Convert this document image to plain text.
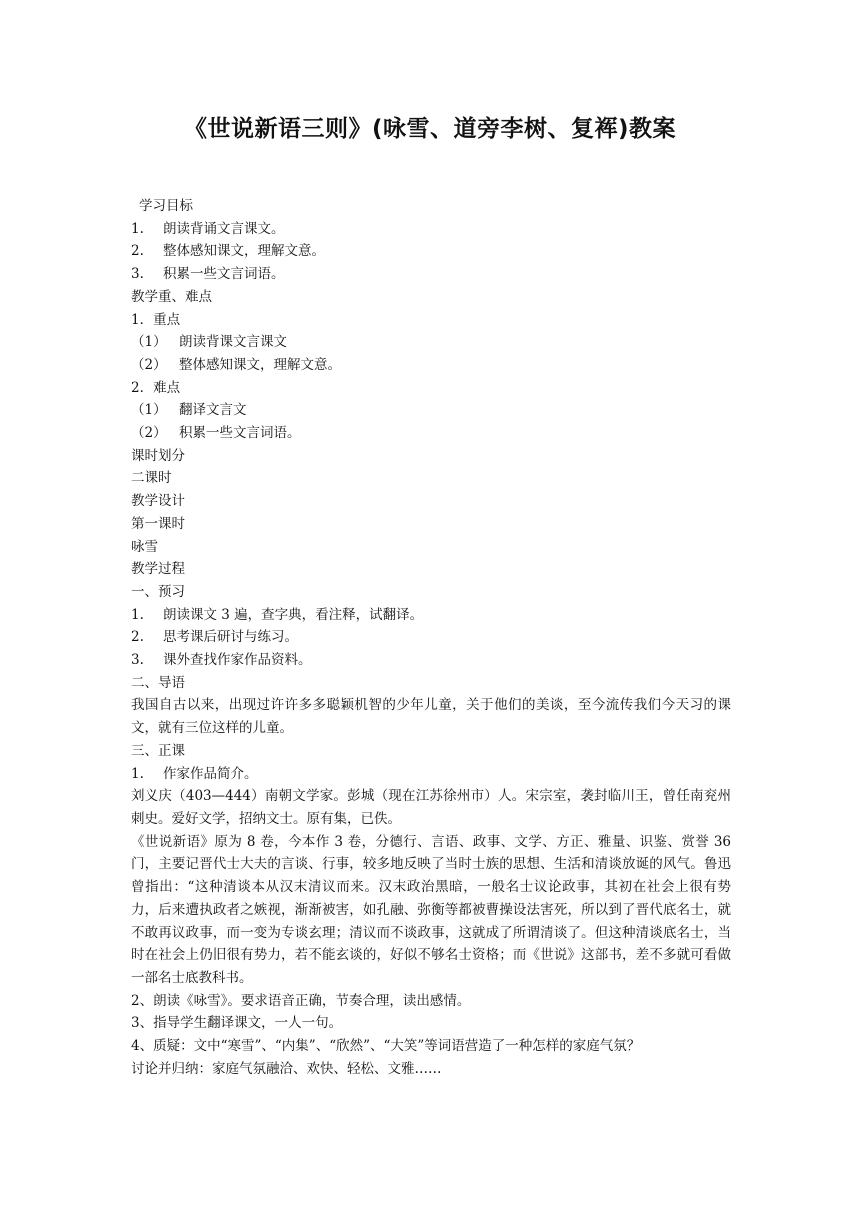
《世说新语三则》(咏雪、道旁李树、复裈)教案
学习目标
1. 朗读背诵文言课文。
2. 整体感知课文，理解文意。
3. 积累一些文言词语。
教学重、难点
1．重点
（1） 朗读背课文言课文
（2） 整体感知课文，理解文意。
2．难点
（1） 翻译文言文
（2） 积累一些文言词语。
课时划分
二课时
教学设计
第一课时
咏雪
教学过程
一、预习
1. 朗读课文 3 遍，查字典，看注释，试翻译。
2. 思考课后研讨与练习。
3. 课外查找作家作品资料。
二、导语
我国自古以来，出现过许许多多聪颖机智的少年儿童，关于他们的美谈，至今流传我们今天习的课文，就有三位这样的儿童。
三、正课
1. 作家作品简介。
刘义庆（403—444）南朝文学家。彭城（现在江苏徐州市）人。宋宗室，袭封临川王，曾任南兖州刺史。爱好文学，招纳文士。原有集，已佚。
《世说新语》原为 8 卷，今本作 3 卷，分德行、言语、政事、文学、方正、雅量、识鉴、赏誉 36 门，主要记晋代士大夫的言谈、行事，较多地反映了当时士族的思想、生活和清谈放诞的风气。鲁迅曾指出：“这种清谈本从汉末清议而来。汉末政治黑暗，一般名士议论政事，其初在社会上很有势力，后来遭执政者之嫉视，渐渐被害，如孔融、弥衡等都被曹操设法害死，所以到了晋代底名士，就不敢再议政事，而一变为专谈玄理；清议而不谈政事，这就成了所谓清谈了。但这种清谈底名士，当时在社会上仍旧很有势力，若不能玄谈的，好似不够名士资格；而《世说》这部书，差不多就可看做一部名士底教科书。
2、朗读《咏雪》。要求语音正确，节奏合理，读出感情。
3、指导学生翻译课文，一人一句。
4、质疑：文中“寒雪”、“内集”、“欣然”、“大笑”等词语营造了一种怎样的家庭气氛？
讨论并归纳：家庭气氛融洽、欢快、轻松、文雅……
